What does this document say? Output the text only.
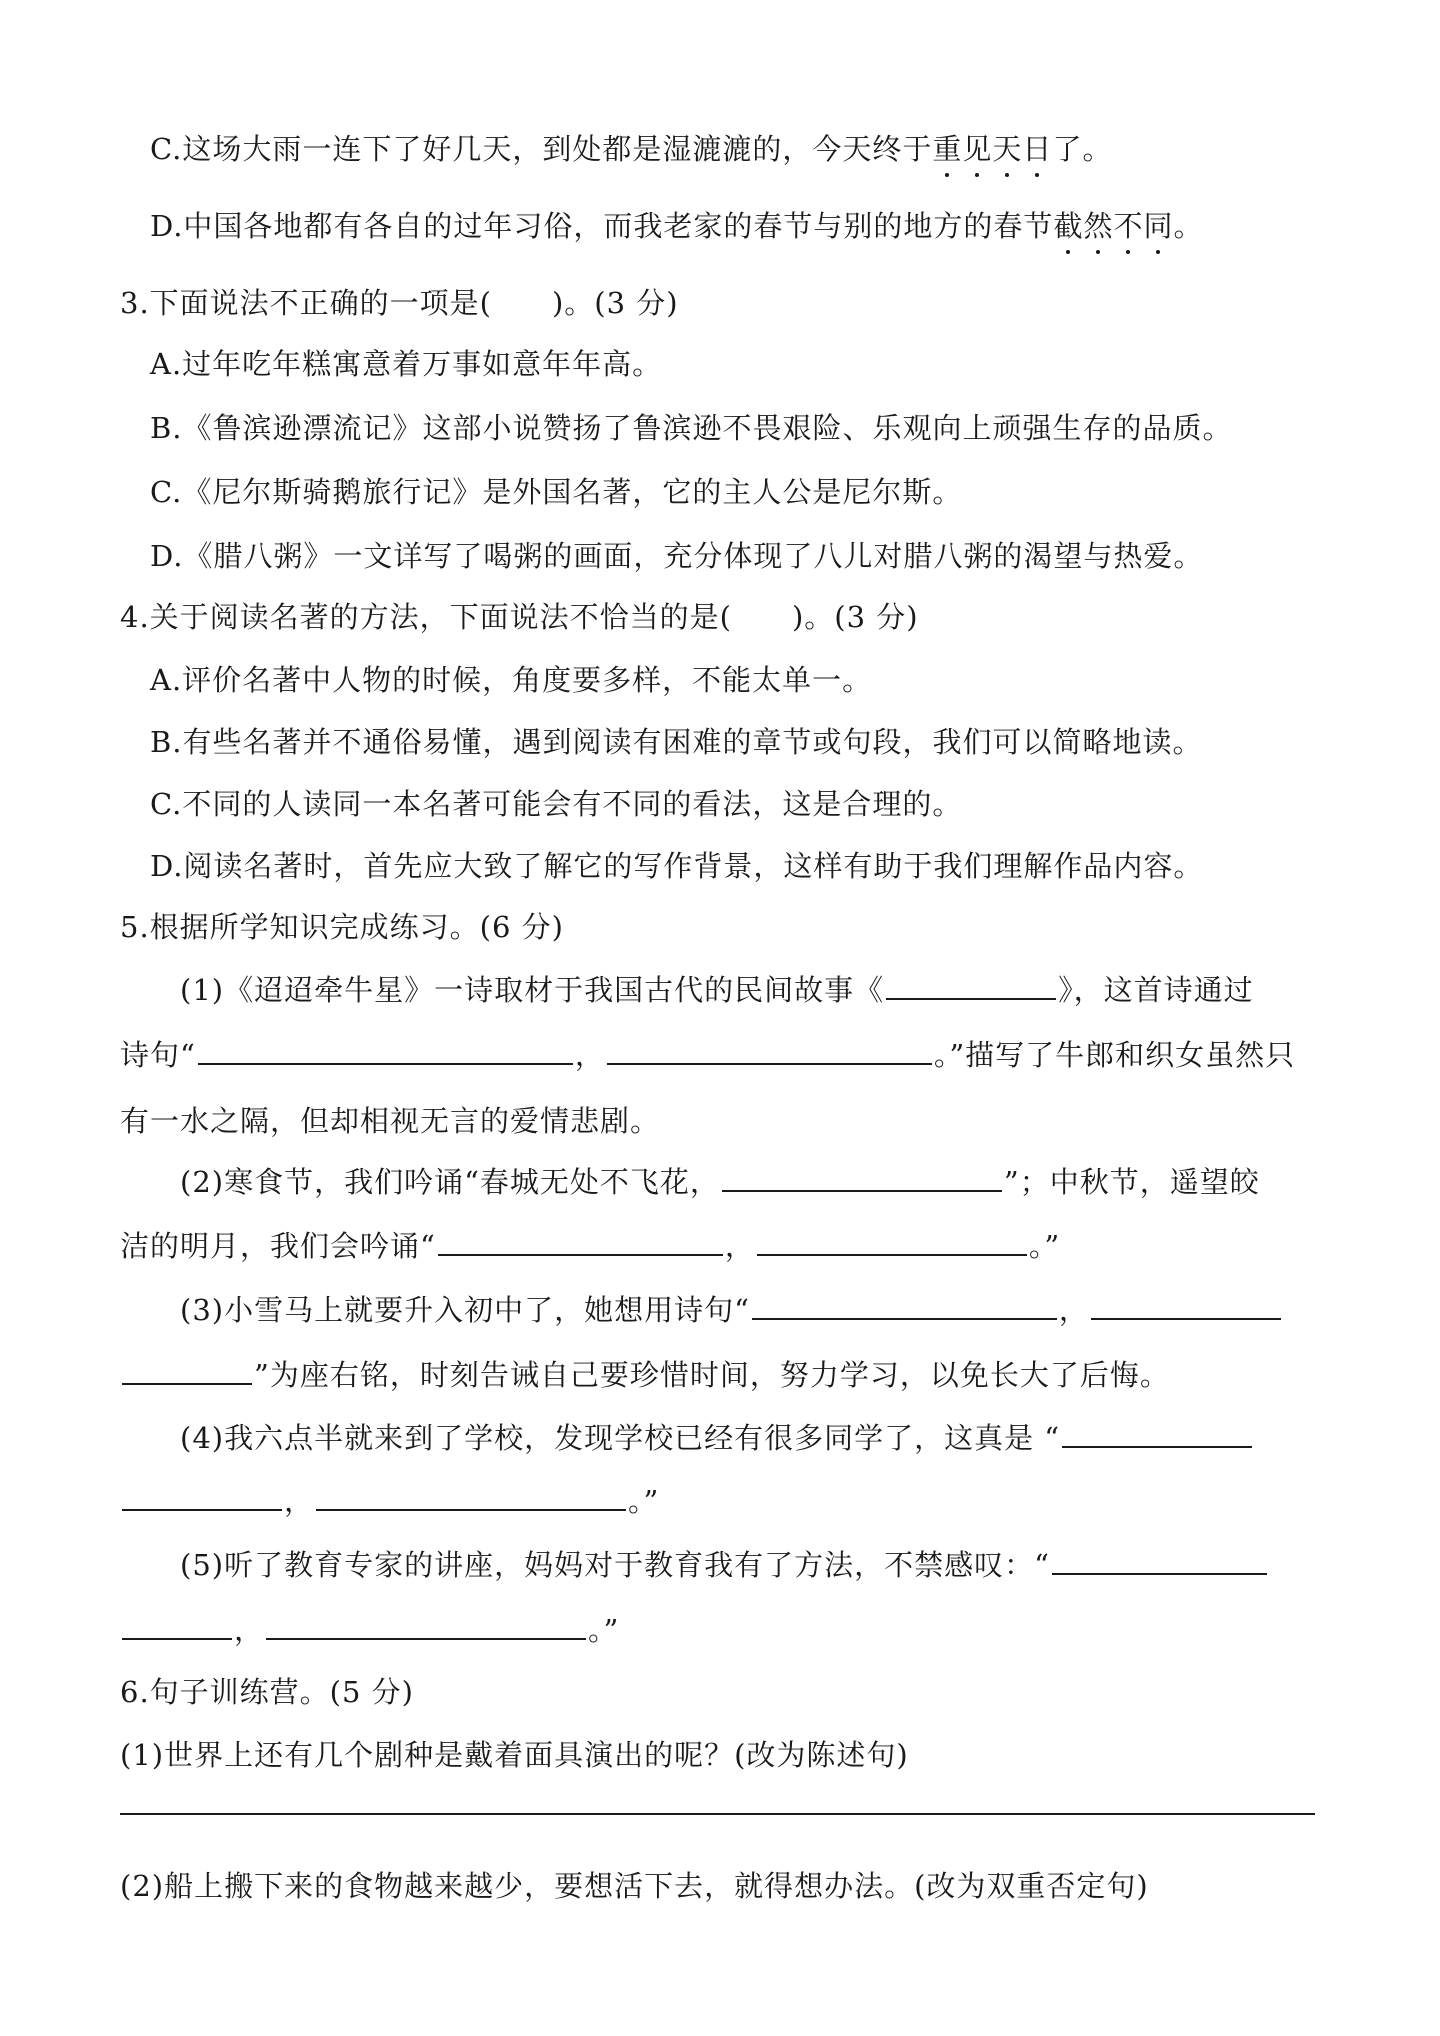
C.这场大雨一连下了好几天，到处都是湿漉漉的，今天终于重见天日了。
D.中国各地都有各自的过年习俗，而我老家的春节与别的地方的春节截然不同。
3.下面说法不正确的一项是(　　)。(3 分)
A.过年吃年糕寓意着万事如意年年高。
B.《鲁滨逊漂流记》这部小说赞扬了鲁滨逊不畏艰险、乐观向上顽强生存的品质。
C.《尼尔斯骑鹅旅行记》是外国名著，它的主人公是尼尔斯。
D.《腊八粥》一文详写了喝粥的画面，充分体现了八儿对腊八粥的渴望与热爱。
4.关于阅读名著的方法，下面说法不恰当的是(　　)。(3 分)
A.评价名著中人物的时候，角度要多样，不能太单一。
B.有些名著并不通俗易懂，遇到阅读有困难的章节或句段，我们可以简略地读。
C.不同的人读同一本名著可能会有不同的看法，这是合理的。
D.阅读名著时，首先应大致了解它的写作背景，这样有助于我们理解作品内容。
5.根据所学知识完成练习。(6 分)
(1)《迢迢牵牛星》一诗取材于我国古代的民间故事《	》，这首诗通过
诗句“	，	。”描写了牛郎和织女虽然只
有一水之隔，但却相视无言的爱情悲剧。
(2)寒食节，我们吟诵“春城无处不飞花，	”；中秋节，遥望皎
洁的明月，我们会吟诵“	，	。”
(3)小雪马上就要升入初中了，她想用诗句“	，
”为座右铭，时刻告诫自己要珍惜时间，努力学习，以免长大了后悔。
(4)我六点半就来到了学校，发现学校已经有很多同学了，这真是 “
，	。”
(5)听了教育专家的讲座，妈妈对于教育我有了方法，不禁感叹：“
，	。”
6.句子训练营。(5 分)
(1)世界上还有几个剧种是戴着面具演出的呢？(改为陈述句)
(2)船上搬下来的食物越来越少，要想活下去，就得想办法。(改为双重否定句)
